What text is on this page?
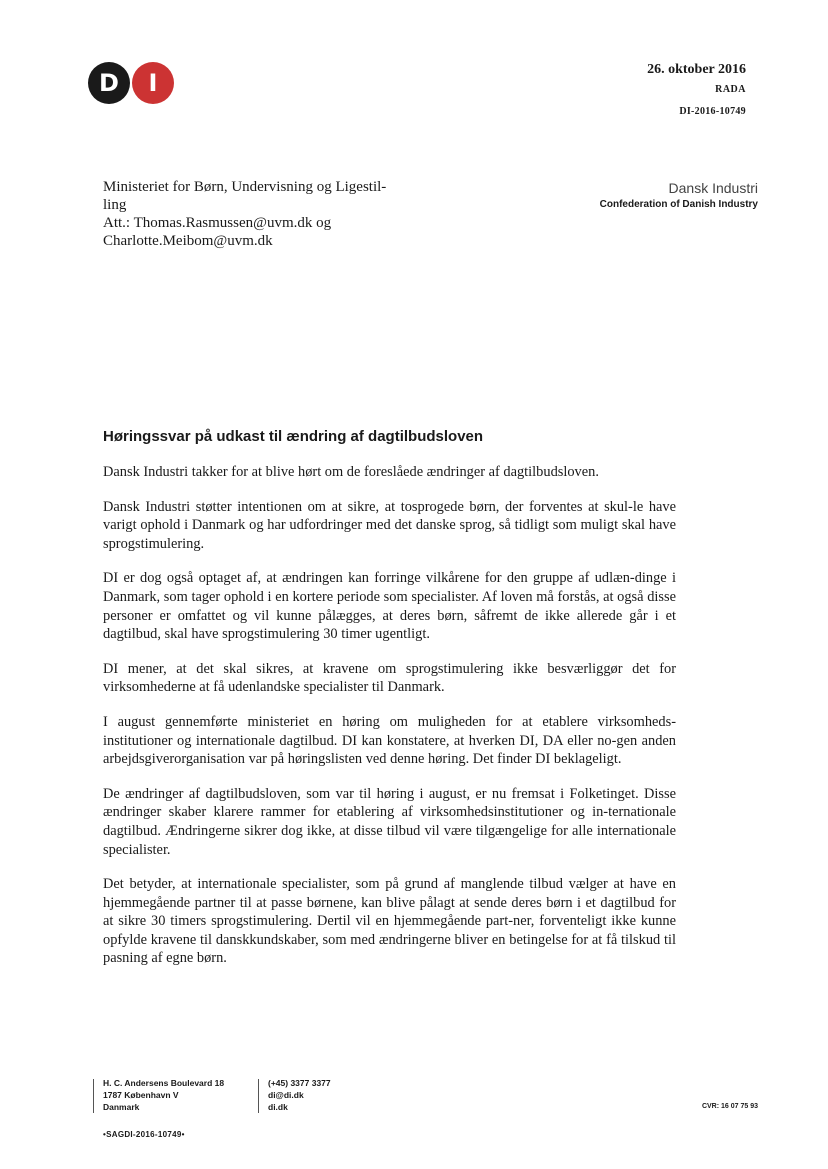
D	I	26. oktober 2016
RADA
DI-2016-10749
Ministeriet for Børn, Undervisning og Ligestil-
ling
Att.: Thomas.Rasmussen@uvm.dk og
Charlotte.Meibom@uvm.dk
Dansk Industri
Confederation of Danish Industry
Høringssvar på udkast til ændring af dagtilbudsloven

Dansk Industri takker for at blive hørt om de foreslåede ændringer af dagtilbudsloven.

Dansk Industri støtter intentionen om at sikre, at tosprogede børn, der forventes at skul-le have varigt ophold i Danmark og har udfordringer med det danske sprog, så tidligt som muligt skal have sprogstimulering.

DI er dog også optaget af, at ændringen kan forringe vilkårene for den gruppe af udlæn-dinge i Danmark, som tager ophold i en kortere periode som specialister. Af loven må forstås, at også disse personer er omfattet og vil kunne pålægges, at deres børn, såfremt de ikke allerede går i et dagtilbud, skal have sprogstimulering 30 timer ugentligt.

DI mener, at det skal sikres, at kravene om sprogstimulering ikke besværliggør det for virksomhederne at få udenlandske specialister til Danmark.

I august gennemførte ministeriet en høring om muligheden for at etablere virksomheds-institutioner og internationale dagtilbud. DI kan konstatere, at hverken DI, DA eller no-gen anden arbejdsgiverorganisation var på høringslisten ved denne høring. Det finder DI beklageligt.

De ændringer af dagtilbudsloven, som var til høring i august, er nu fremsat i Folketinget. Disse ændringer skaber klarere rammer for etablering af virksomhedsinstitutioner og in-ternationale dagtilbud. Ændringerne sikrer dog ikke, at disse tilbud vil være tilgængelige for alle internationale specialister.

Det betyder, at internationale specialister, som på grund af manglende tilbud vælger at have en hjemmegående partner til at passe børnene, kan blive pålagt at sende deres børn i et dagtilbud for at sikre 30 timers sprogstimulering. Dertil vil en hjemmegående part-ner, forventeligt ikke kunne opfylde kravene til danskkundskaber, som med ændringerne bliver en betingelse for at få tilskud til pasning af egne børn.

H. C. Andersens Boulevard 18
1787 København V
Danmark
(+45) 3377 3377
di@di.dk
di.dk	CVR: 16 07 75 93
•SAGDI-2016-10749•
